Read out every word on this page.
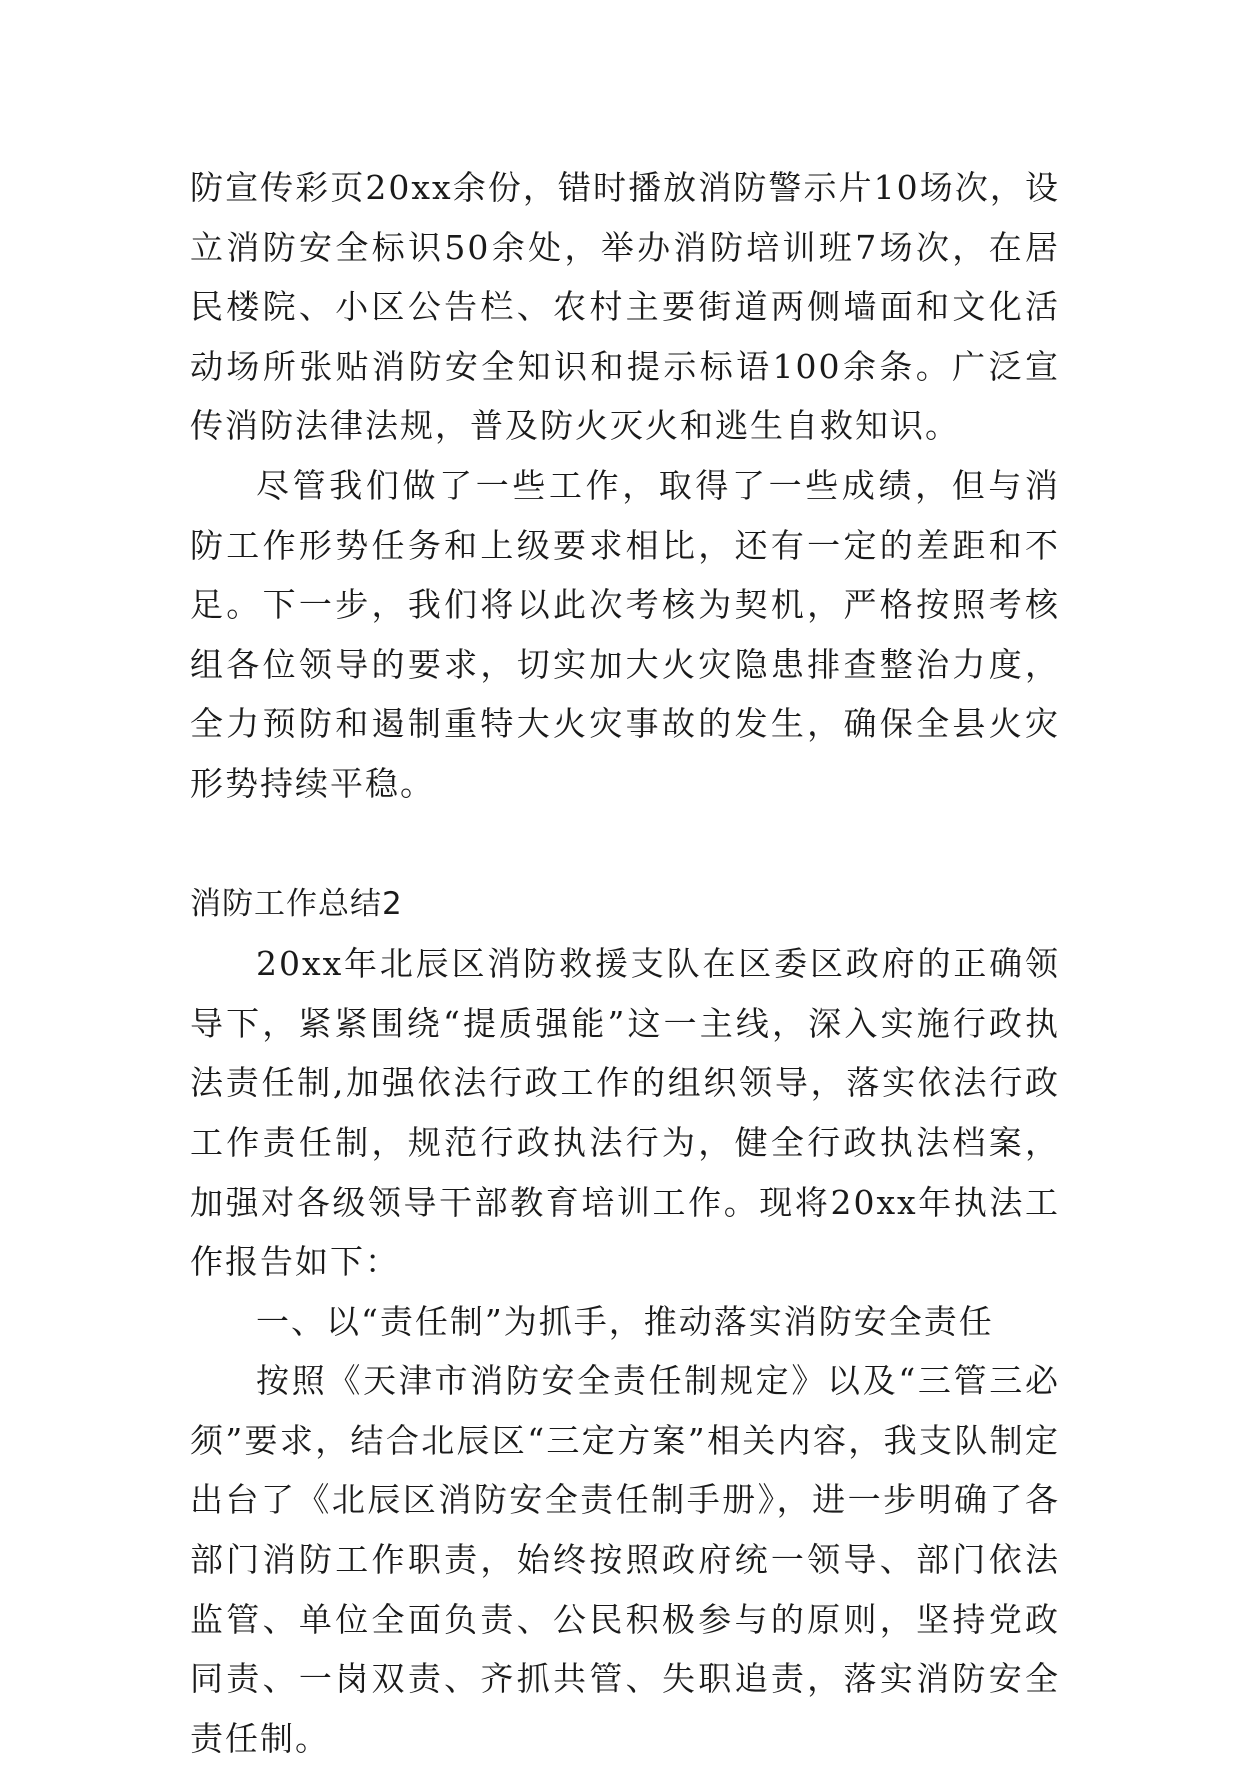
防宣传彩页20xx余份，错时播放消防警示片10场次，设立消防安全标识50余处，举办消防培训班7场次，在居民楼院、小区公告栏、农村主要街道两侧墙面和文化活动场所张贴消防安全知识和提示标语100余条。广泛宣传消防法律法规，普及防火灭火和逃生自救知识。

尽管我们做了一些工作，取得了一些成绩，但与消防工作形势任务和上级要求相比，还有一定的差距和不足。下一步，我们将以此次考核为契机，严格按照考核组各位领导的要求，切实加大火灾隐患排查整治力度，全力预防和遏制重特大火灾事故的发生，确保全县火灾形势持续平稳。

消防工作总结2

20xx年北辰区消防救援支队在区委区政府的正确领导下，紧紧围绕“提质强能”这一主线，深入实施行政执法责任制,加强依法行政工作的组织领导，落实依法行政工作责任制，规范行政执法行为，健全行政执法档案，加强对各级领导干部教育培训工作。现将20xx年执法工作报告如下：

一、以“责任制”为抓手，推动落实消防安全责任

按照《天津市消防安全责任制规定》以及“三管三必须”要求，结合北辰区“三定方案”相关内容，我支队制定出台了《北辰区消防安全责任制手册》，进一步明确了各部门消防工作职责，始终按照政府统一领导、部门依法监管、单位全面负责、公民积极参与的原则，坚持党政同责、一岗双责、齐抓共管、失职追责，落实消防安全责任制。
